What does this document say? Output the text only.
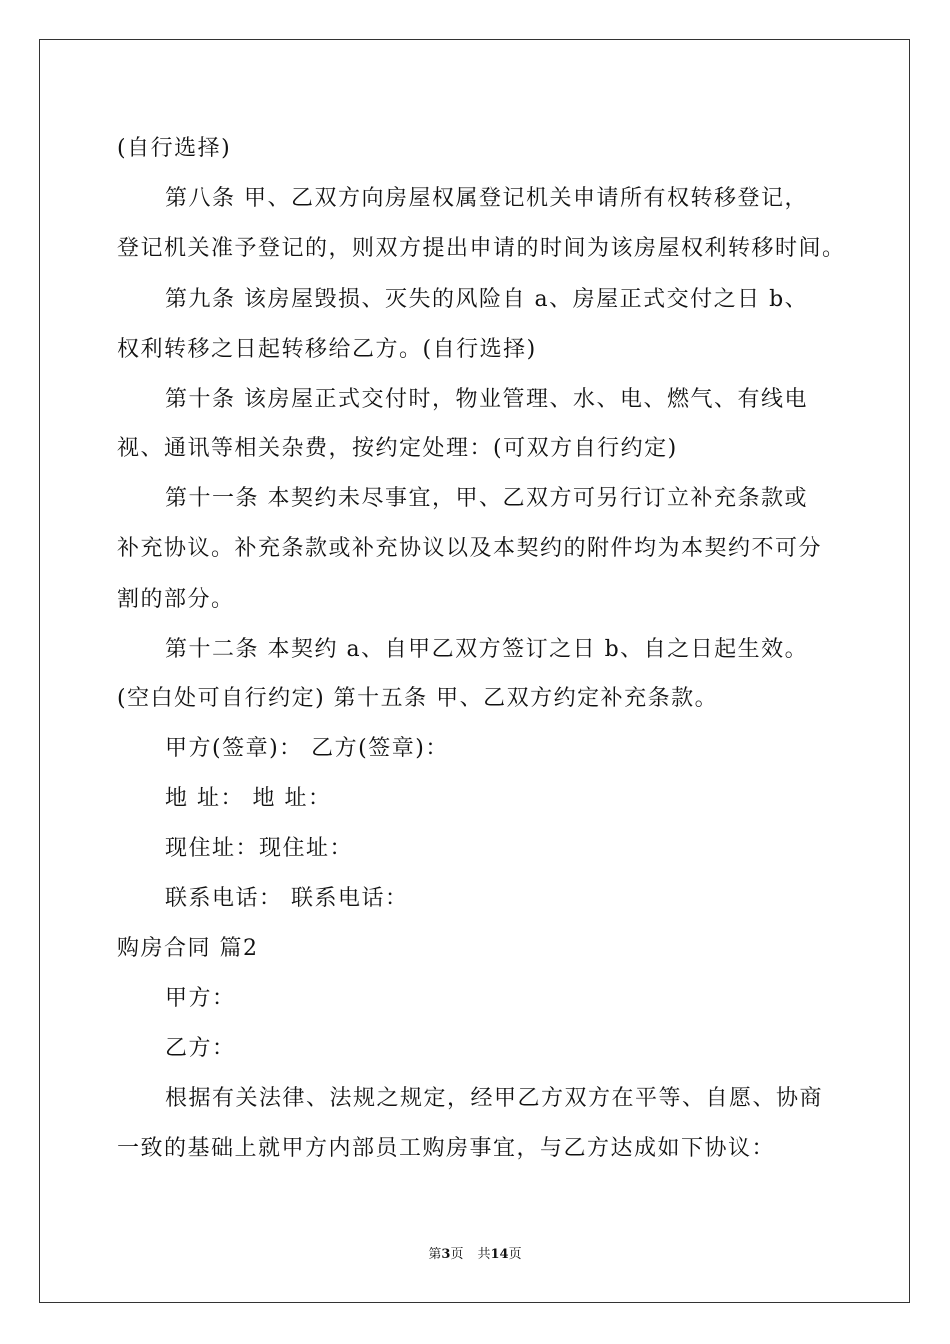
(自行选择)
第八条 甲、乙双方向房屋权属登记机关申请所有权转移登记，
登记机关准予登记的，则双方提出申请的时间为该房屋权利转移时间。
第九条 该房屋毁损、灭失的风险自 a、房屋正式交付之日 b、
权利转移之日起转移给乙方。(自行选择)
第十条 该房屋正式交付时，物业管理、水、电、燃气、有线电
视、通讯等相关杂费，按约定处理：(可双方自行约定)
第十一条 本契约未尽事宜，甲、乙双方可另行订立补充条款或
补充协议。补充条款或补充协议以及本契约的附件均为本契约不可分
割的部分。
第十二条 本契约 a、自甲乙双方签订之日 b、自之日起生效。
(空白处可自行约定) 第十五条 甲、乙双方约定补充条款。
甲方(签章)： 乙方(签章)：
地 址： 地 址：
现住址：现住址：
联系电话： 联系电话：
购房合同 篇2
甲方：
乙方：
根据有关法律、法规之规定，经甲乙方双方在平等、自愿、协商
一致的基础上就甲方内部员工购房事宜，与乙方达成如下协议：
第3页 共14页
